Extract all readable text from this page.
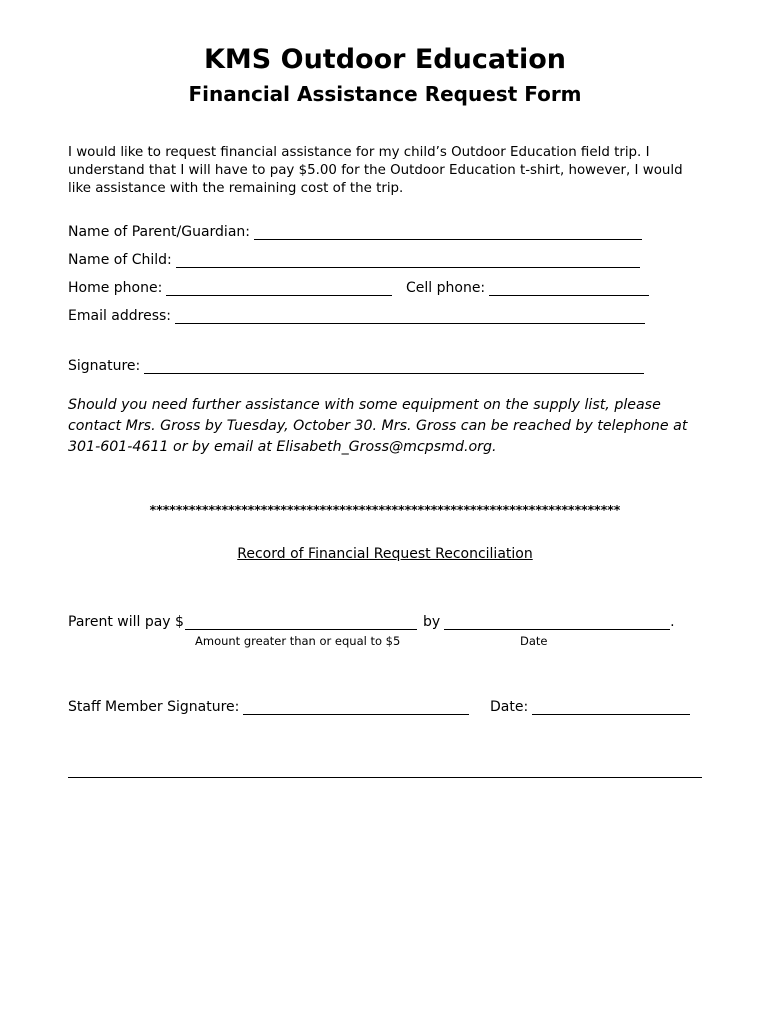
KMS Outdoor Education
Financial Assistance Request Form
I would like to request financial assistance for my child’s Outdoor Education field trip. I understand that I will have to pay $5.00 for the Outdoor Education t-shirt, however, I would like assistance with the remaining cost of the trip.
Name of Parent/Guardian:
Name of Child:
Home phone:	Cell phone:
Email address:
Signature:
Should you need further assistance with some equipment on the supply list, please contact Mrs. Gross by Tuesday, October 30. Mrs. Gross can be reached by telephone at 301-601-4611 or by email at Elisabeth_Gross@mcpsmd.org.
************************************************************************
Record of Financial Request Reconciliation
Parent will pay $	by	.
Amount greater than or equal to $5	Date
Staff Member Signature:	Date:
